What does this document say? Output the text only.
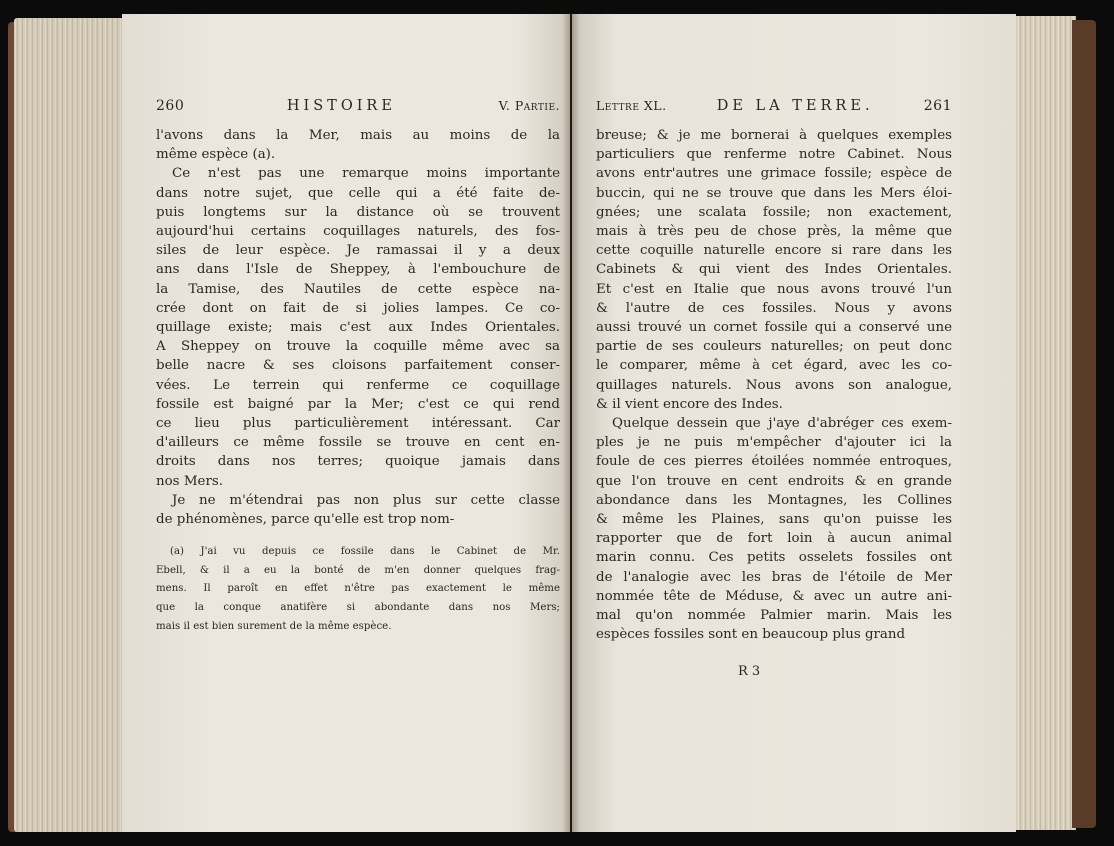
260	HISTOIRE	V. Partie.
l'avons dans la Mer, mais au moins de la
même espèce (a).
Ce n'est pas une remarque moins importante
dans notre sujet, que celle qui a été faite de-
puis longtems sur la distance où se trouvent
aujourd'hui certains coquillages naturels, des fos-
siles de leur espèce. Je ramassai il y a deux
ans dans l'Isle de Sheppey, à l'embouchure de
la Tamise, des Nautiles de cette espèce na-
crée dont on fait de si jolies lampes. Ce co-
quillage existe; mais c'est aux Indes Orientales.
A Sheppey on trouve la coquille même avec sa
belle nacre & ses cloisons parfaitement conser-
vées. Le terrein qui renferme ce coquillage
fossile est baigné par la Mer; c'est ce qui rend
ce lieu plus particulièrement intéressant. Car
d'ailleurs ce même fossile se trouve en cent en-
droits dans nos terres; quoique jamais dans
nos Mers.
Je ne m'étendrai pas non plus sur cette classe
de phénomènes, parce qu'elle est trop nom-
(a) J'ai vu depuis ce fossile dans le Cabinet de Mr.
Ebell, & il a eu la bonté de m'en donner quelques frag-
mens. Il paroît en effet n'être pas exactement le même
que la conque anatifère si abondante dans nos Mers;
mais il est bien surement de la même espèce.
Lettre XL.	DE LA TERRE.	261
breuse; & je me bornerai à quelques exemples
particuliers que renferme notre Cabinet. Nous
avons entr'autres une grimace fossile; espèce de
buccin, qui ne se trouve que dans les Mers éloi-
gnées; une scalata fossile; non exactement,
mais à très peu de chose près, la même que
cette coquille naturelle encore si rare dans les
Cabinets & qui vient des Indes Orientales.
Et c'est en Italie que nous avons trouvé l'un
& l'autre de ces fossiles. Nous y avons
aussi trouvé un cornet fossile qui a conservé une
partie de ses couleurs naturelles; on peut donc
le comparer, même à cet égard, avec les co-
quillages naturels. Nous avons son analogue,
& il vient encore des Indes.
Quelque dessein que j'aye d'abréger ces exem-
ples je ne puis m'empêcher d'ajouter ici la
foule de ces pierres étoilées nommée entroques,
que l'on trouve en cent endroits & en grande
abondance dans les Montagnes, les Collines
& même les Plaines, sans qu'on puisse les
rapporter que de fort loin à aucun animal
marin connu. Ces petits osselets fossiles ont
de l'analogie avec les bras de l'étoile de Mer
nommée tête de Méduse, & avec un autre ani-
mal qu'on nommée Palmier marin. Mais les
espèces fossiles sont en beaucoup plus grand
R 3
